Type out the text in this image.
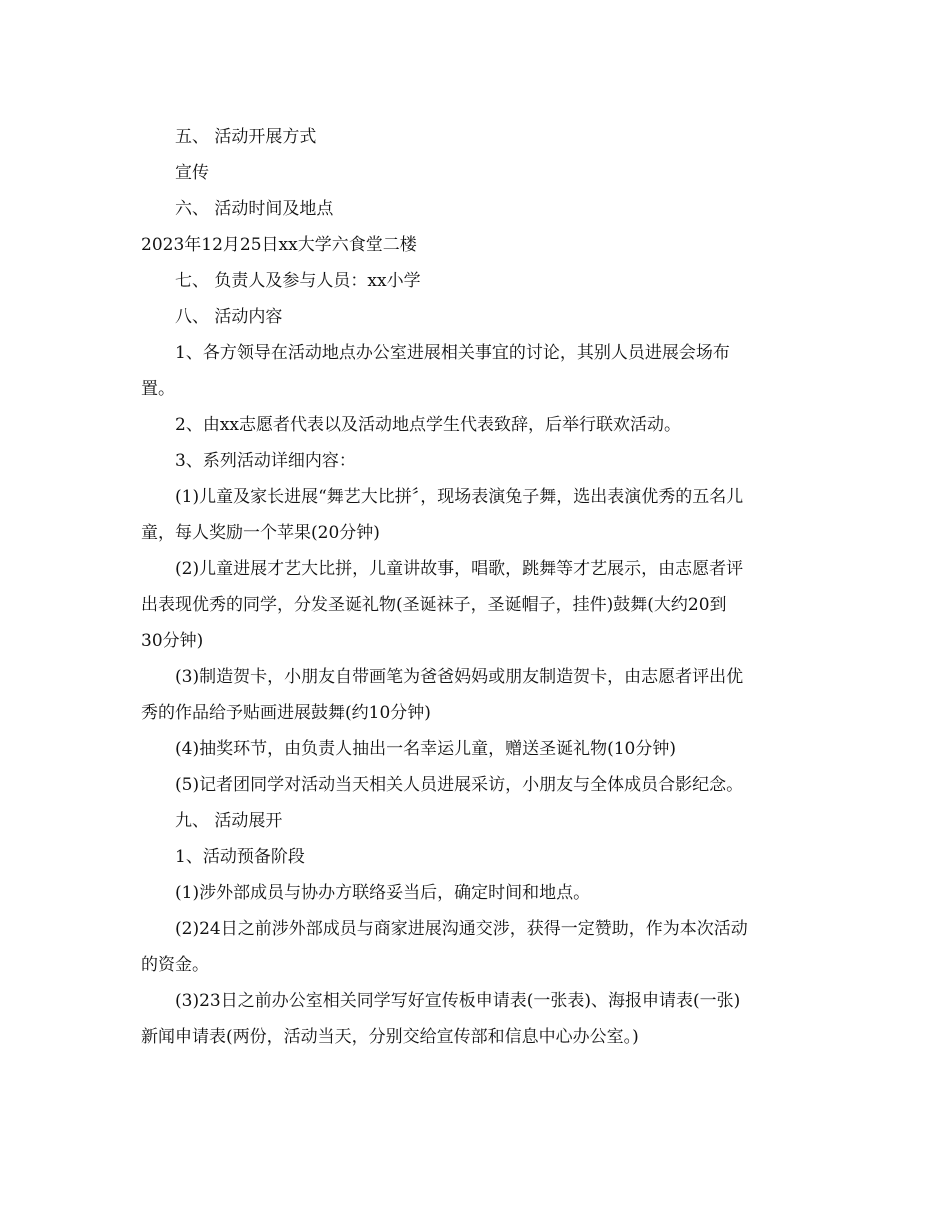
五、 活动开展方式
宣传
六、 活动时间及地点
2023年12月25日xx大学六食堂二楼
七、 负责人及参与人员：xx小学
八、 活动内容
1、各方领导在活动地点办公室进展相关事宜的讨论，其别人员进展会场布
置。
2、由xx志愿者代表以及活动地点学生代表致辞，后举行联欢活动。
3、系列活动详细内容：
(1)儿童及家长进展“舞艺大比拼〞，现场表演兔子舞，选出表演优秀的五名儿
童，每人奖励一个苹果(20分钟)
(2)儿童进展才艺大比拼，儿童讲故事，唱歌，跳舞等才艺展示，由志愿者评
出表现优秀的同学，分发圣诞礼物(圣诞袜子，圣诞帽子，挂件)鼓舞(大约20到
30分钟)
(3)制造贺卡，小朋友自带画笔为爸爸妈妈或朋友制造贺卡，由志愿者评出优
秀的作品给予贴画进展鼓舞(约10分钟)
(4)抽奖环节，由负责人抽出一名幸运儿童，赠送圣诞礼物(10分钟)
(5)记者团同学对活动当天相关人员进展采访，小朋友与全体成员合影纪念。
九、 活动展开
1、活动预备阶段
(1)涉外部成员与协办方联络妥当后，确定时间和地点。
(2)24日之前涉外部成员与商家进展沟通交涉，获得一定赞助，作为本次活动
的资金。
(3)23日之前办公室相关同学写好宣传板申请表(一张表)、海报申请表(一张)
新闻申请表(两份，活动当天，分别交给宣传部和信息中心办公室。)
